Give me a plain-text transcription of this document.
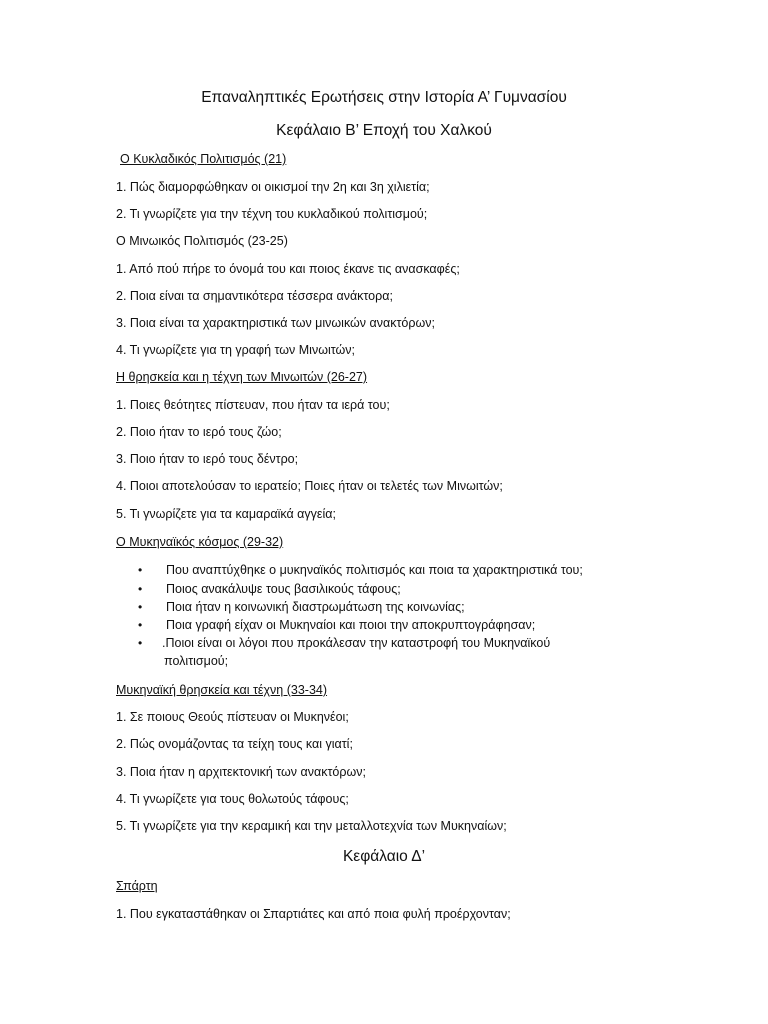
Επαναληπτικές Ερωτήσεις στην Ιστορία Α’ Γυμνασίου
Κεφάλαιο Β’ Εποχή του Χαλκού
Ο Κυκλαδικός Πολιτισμός (21)
1. Πώς διαμορφώθηκαν οι οικισμοί την 2η και 3η χιλιετία;
2. Τι γνωρίζετε για την τέχνη του κυκλαδικού πολιτισμού;
Ο Μινωικός Πολιτισμός (23-25)
1. Από πού πήρε το όνομά του και ποιος έκανε τις ανασκαφές;
2. Ποια είναι τα σημαντικότερα τέσσερα ανάκτορα;
3. Ποια είναι τα χαρακτηριστικά των μινωικών ανακτόρων;
4. Τι γνωρίζετε για τη γραφή των Μινωιτών;
Η θρησκεία και η τέχνη των Μινωιτών (26-27)
1. Ποιες θεότητες πίστευαν, που ήταν τα ιερά του;
2. Ποιο ήταν το ιερό τους ζώο;
3. Ποιο ήταν το ιερό τους δέντρο;
4. Ποιοι αποτελούσαν το ιερατείο; Ποιες ήταν οι τελετές των Μινωιτών;
5. Τι γνωρίζετε για τα καμαραϊκά αγγεία;
Ο Μυκηναϊκός κόσμος (29-32)
• Που αναπτύχθηκε ο μυκηναϊκός πολιτισμός και ποια τα χαρακτηριστικά του;
• Ποιος ανακάλυψε τους βασιλικούς τάφους;
• Ποια ήταν η κοινωνική διαστρωμάτωση της κοινωνίας;
• Ποια γραφή είχαν οι Μυκηναίοι και ποιοι την αποκρυπτογράφησαν;
• .Ποιοι είναι οι λόγοι που προκάλεσαν την καταστροφή του Μυκηναϊκού
πολιτισμού;
Μυκηναϊκή θρησκεία και τέχνη (33-34)
1. Σε ποιους Θεούς πίστευαν οι Μυκηνέοι;
2. Πώς ονομάζοντας τα τείχη τους και γιατί;
3. Ποια ήταν η αρχιτεκτονική των ανακτόρων;
4. Τι γνωρίζετε για τους θολωτούς τάφους;
5. Τι γνωρίζετε για την κεραμική και την μεταλλοτεχνία των Μυκηναίων;
Κεφάλαιο Δ’
Σπάρτη
1. Που εγκαταστάθηκαν οι Σπαρτιάτες και από ποια φυλή προέρχονταν;
